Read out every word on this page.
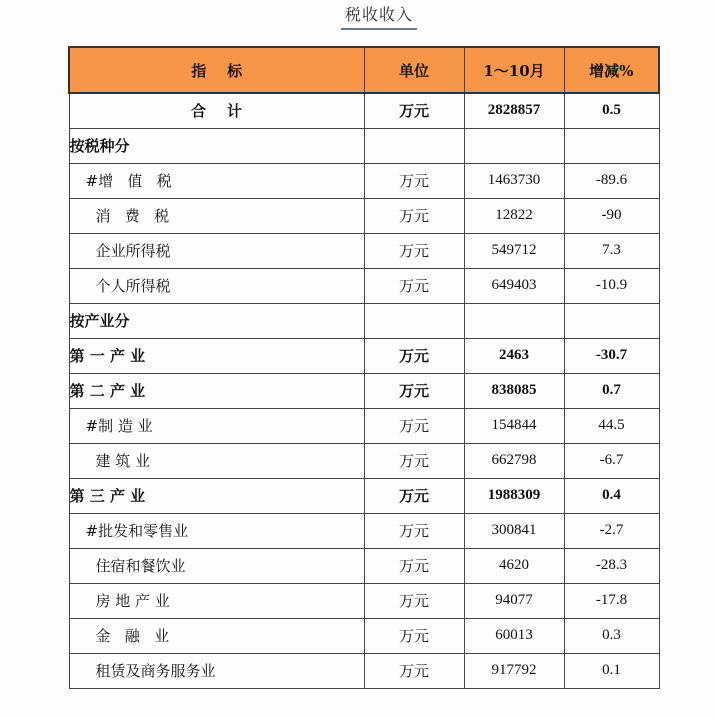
税收收入
指    标	单位	1～10月	增减%
合    计	万元	2828857	0.5
按税种分			
#增   值   税	万元	1463730	-89.6
消   费   税	万元	12822	-90
企业所得税	万元	549712	7.3
个人所得税	万元	649403	-10.9
按产业分			
第 一 产 业	万元	2463	-30.7
第 二 产 业	万元	838085	0.7
#制 造 业	万元	154844	44.5
建 筑 业	万元	662798	-6.7
第 三 产 业	万元	1988309	0.4
#批发和零售业	万元	300841	-2.7
住宿和餐饮业	万元	4620	-28.3
房 地 产 业	万元	94077	-17.8
金   融   业	万元	60013	0.3
租赁及商务服务业	万元	917792	0.1
